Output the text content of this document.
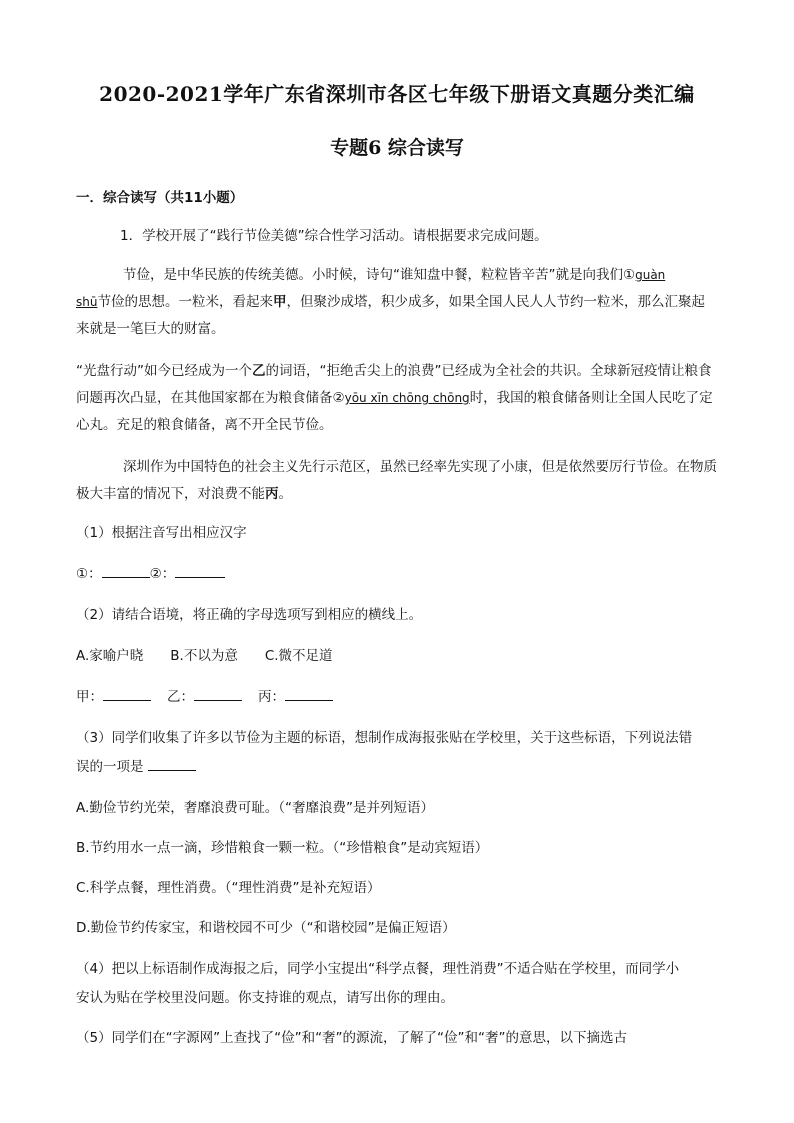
2020-2021学年广东省深圳市各区七年级下册语文真题分类汇编
专题6 综合读写
一．综合读写（共11小题）
1．学校开展了“践行节俭美德”综合性学习活动。请根据要求完成问题。
节俭，是中华民族的传统美德。小时候，诗句“谁知盘中餐，粒粒皆辛苦”就是向我们①guàn
shū节俭的思想。一粒米，看起来甲，但聚沙成塔，积少成多，如果全国人民人人节约一粒米，那么汇聚起来就是一笔巨大的财富。
“光盘行动”如今已经成为一个乙的词语，“拒绝舌尖上的浪费”已经成为全社会的共识。全球新冠疫情让粮食问题再次凸显，在其他国家都在为粮食储备②yōu xīn chōng chōng时，我国的粮食储备则让全国人民吃了定心丸。充足的粮食储备，离不开全民节俭。
深圳作为中国特色的社会主义先行示范区，虽然已经率先实现了小康，但是依然要厉行节俭。在物质极大丰富的情况下，对浪费不能丙。
（1）根据注音写出相应汉字
①：	②：
（2）请结合语境，将正确的字母选项写到相应的横线上。
A.家喻户晓　　B.不以为意　　C.微不足道
甲：	乙：	丙：
（3）同学们收集了许多以节俭为主题的标语，想制作成海报张贴在学校里，关于这些标语，下列说法错
误的一项是
A.勤俭节约光荣，奢靡浪费可耻。（“奢靡浪费”是并列短语）
B.节约用水一点一滴，珍惜粮食一颗一粒。（“珍惜粮食”是动宾短语）
C.科学点餐，理性消费。（“理性消费”是补充短语）
D.勤俭节约传家宝，和谐校园不可少（“和谐校园”是偏正短语）
（4）把以上标语制作成海报之后，同学小宝提出“科学点餐，理性消费”不适合贴在学校里，而同学小
安认为贴在学校里没问题。你支持谁的观点，请写出你的理由。
（5）同学们在“字源网”上查找了“俭”和“奢”的源流，了解了“俭”和“奢”的意思，以下摘选古
